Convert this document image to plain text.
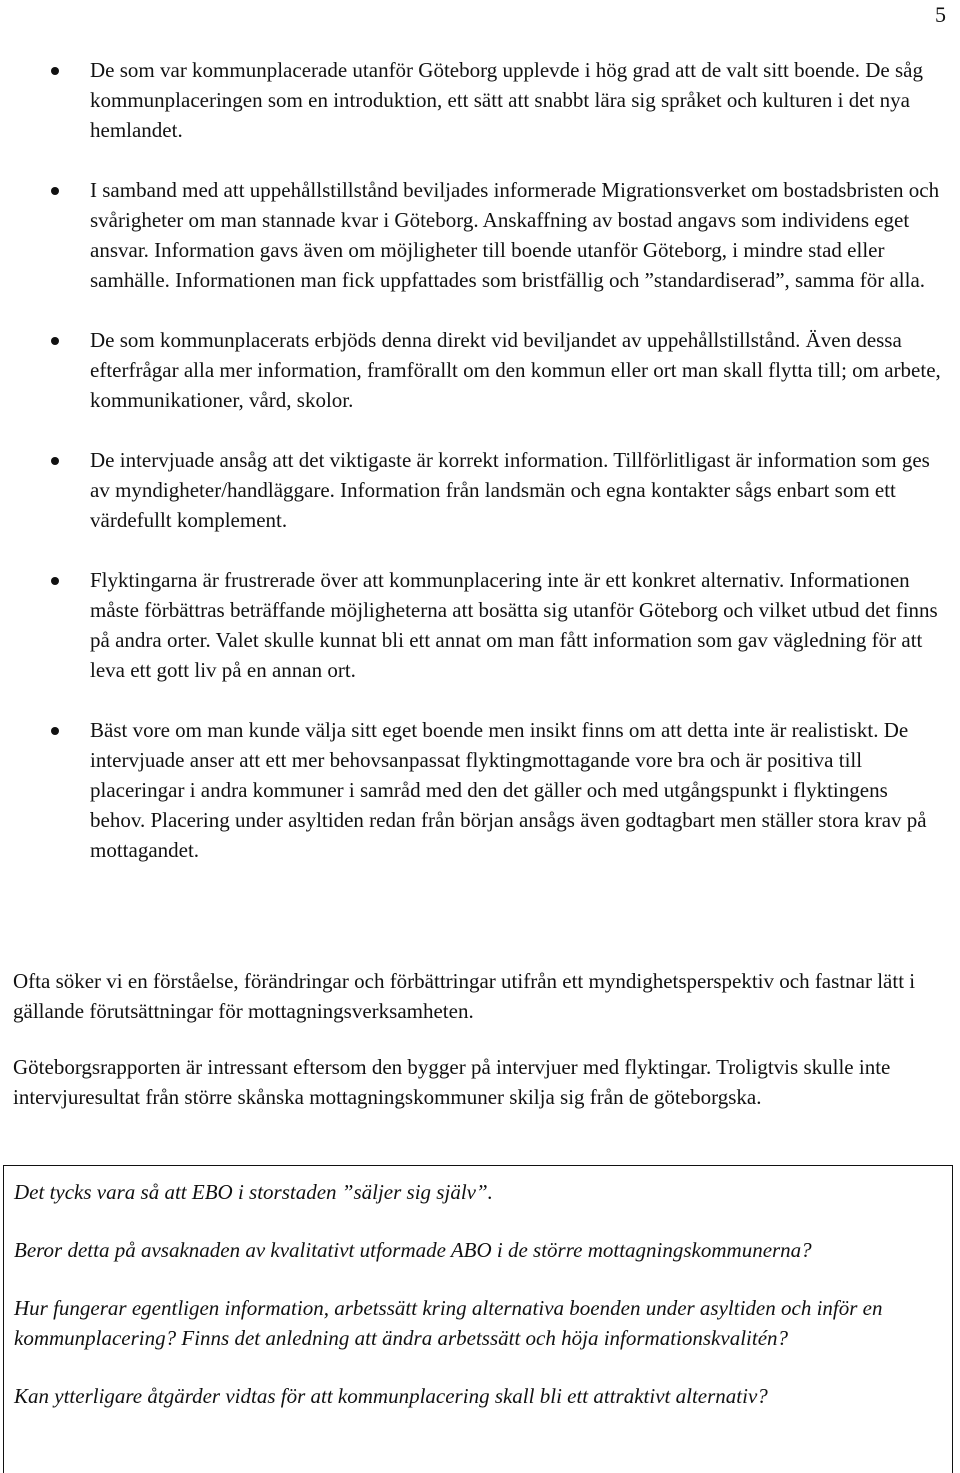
5
De som var kommunplacerade utanför Göteborg upplevde i hög grad att de valt sitt boende. De såg kommunplaceringen som en introduktion, ett sätt att snabbt lära sig språket och kulturen i det nya hemlandet.
I samband med att uppehållstillstånd beviljades informerade Migrationsverket om bostadsbristen och svårigheter om man stannade kvar i Göteborg. Anskaffning av bostad angavs som individens eget ansvar. Information gavs även om möjligheter till boende utanför Göteborg, i mindre stad eller samhälle. Informationen man fick uppfattades som bristfällig och ”standardiserad”, samma för alla.
De som kommunplacerats erbjöds denna direkt vid beviljandet av uppehållstillstånd. Även dessa efterfrågar alla mer information, framförallt om den kommun eller ort man skall flytta till; om arbete, kommunikationer, vård, skolor.
De intervjuade ansåg att det viktigaste är korrekt information. Tillförlitligast är information som ges av myndigheter/handläggare. Information från landsmän och egna kontakter sågs enbart som ett värdefullt komplement.
Flyktingarna är frustrerade över att kommunplacering inte är ett konkret alternativ. Informationen måste förbättras beträffande möjligheterna att bosätta sig utanför Göteborg och vilket utbud det finns på andra orter. Valet skulle kunnat bli ett annat om man fått information som gav vägledning för att leva ett gott liv på en annan ort.
Bäst vore om man kunde välja sitt eget boende men insikt finns om att detta inte är realistiskt. De intervjuade anser att ett mer behovsanpassat flyktingmottagande vore bra och är positiva till placeringar i andra kommuner i samråd med den det gäller och med utgångspunkt i flyktingens behov. Placering under asyltiden redan från början ansågs även godtagbart men ställer stora krav på mottagandet.

Ofta söker vi en förståelse, förändringar och förbättringar utifrån ett myndighetsperspektiv och fastnar lätt i gällande förutsättningar för mottagningsverksamheten.

Göteborgsrapporten är intressant eftersom den bygger på intervjuer med flyktingar. Troligtvis skulle inte intervjuresultat från större skånska mottagningskommuner skilja sig från de göteborgska.

Det tycks vara så att EBO i storstaden ”säljer sig själv”.

Beror detta på avsaknaden av kvalitativt utformade ABO i de större mottagningskommunerna?

Hur fungerar egentligen information, arbetssätt kring alternativa boenden under asyltiden och inför en kommunplacering? Finns det anledning att ändra arbetssätt och höja informationskvalitén?

Kan ytterligare åtgärder vidtas för att kommunplacering skall bli ett attraktivt alternativ?
